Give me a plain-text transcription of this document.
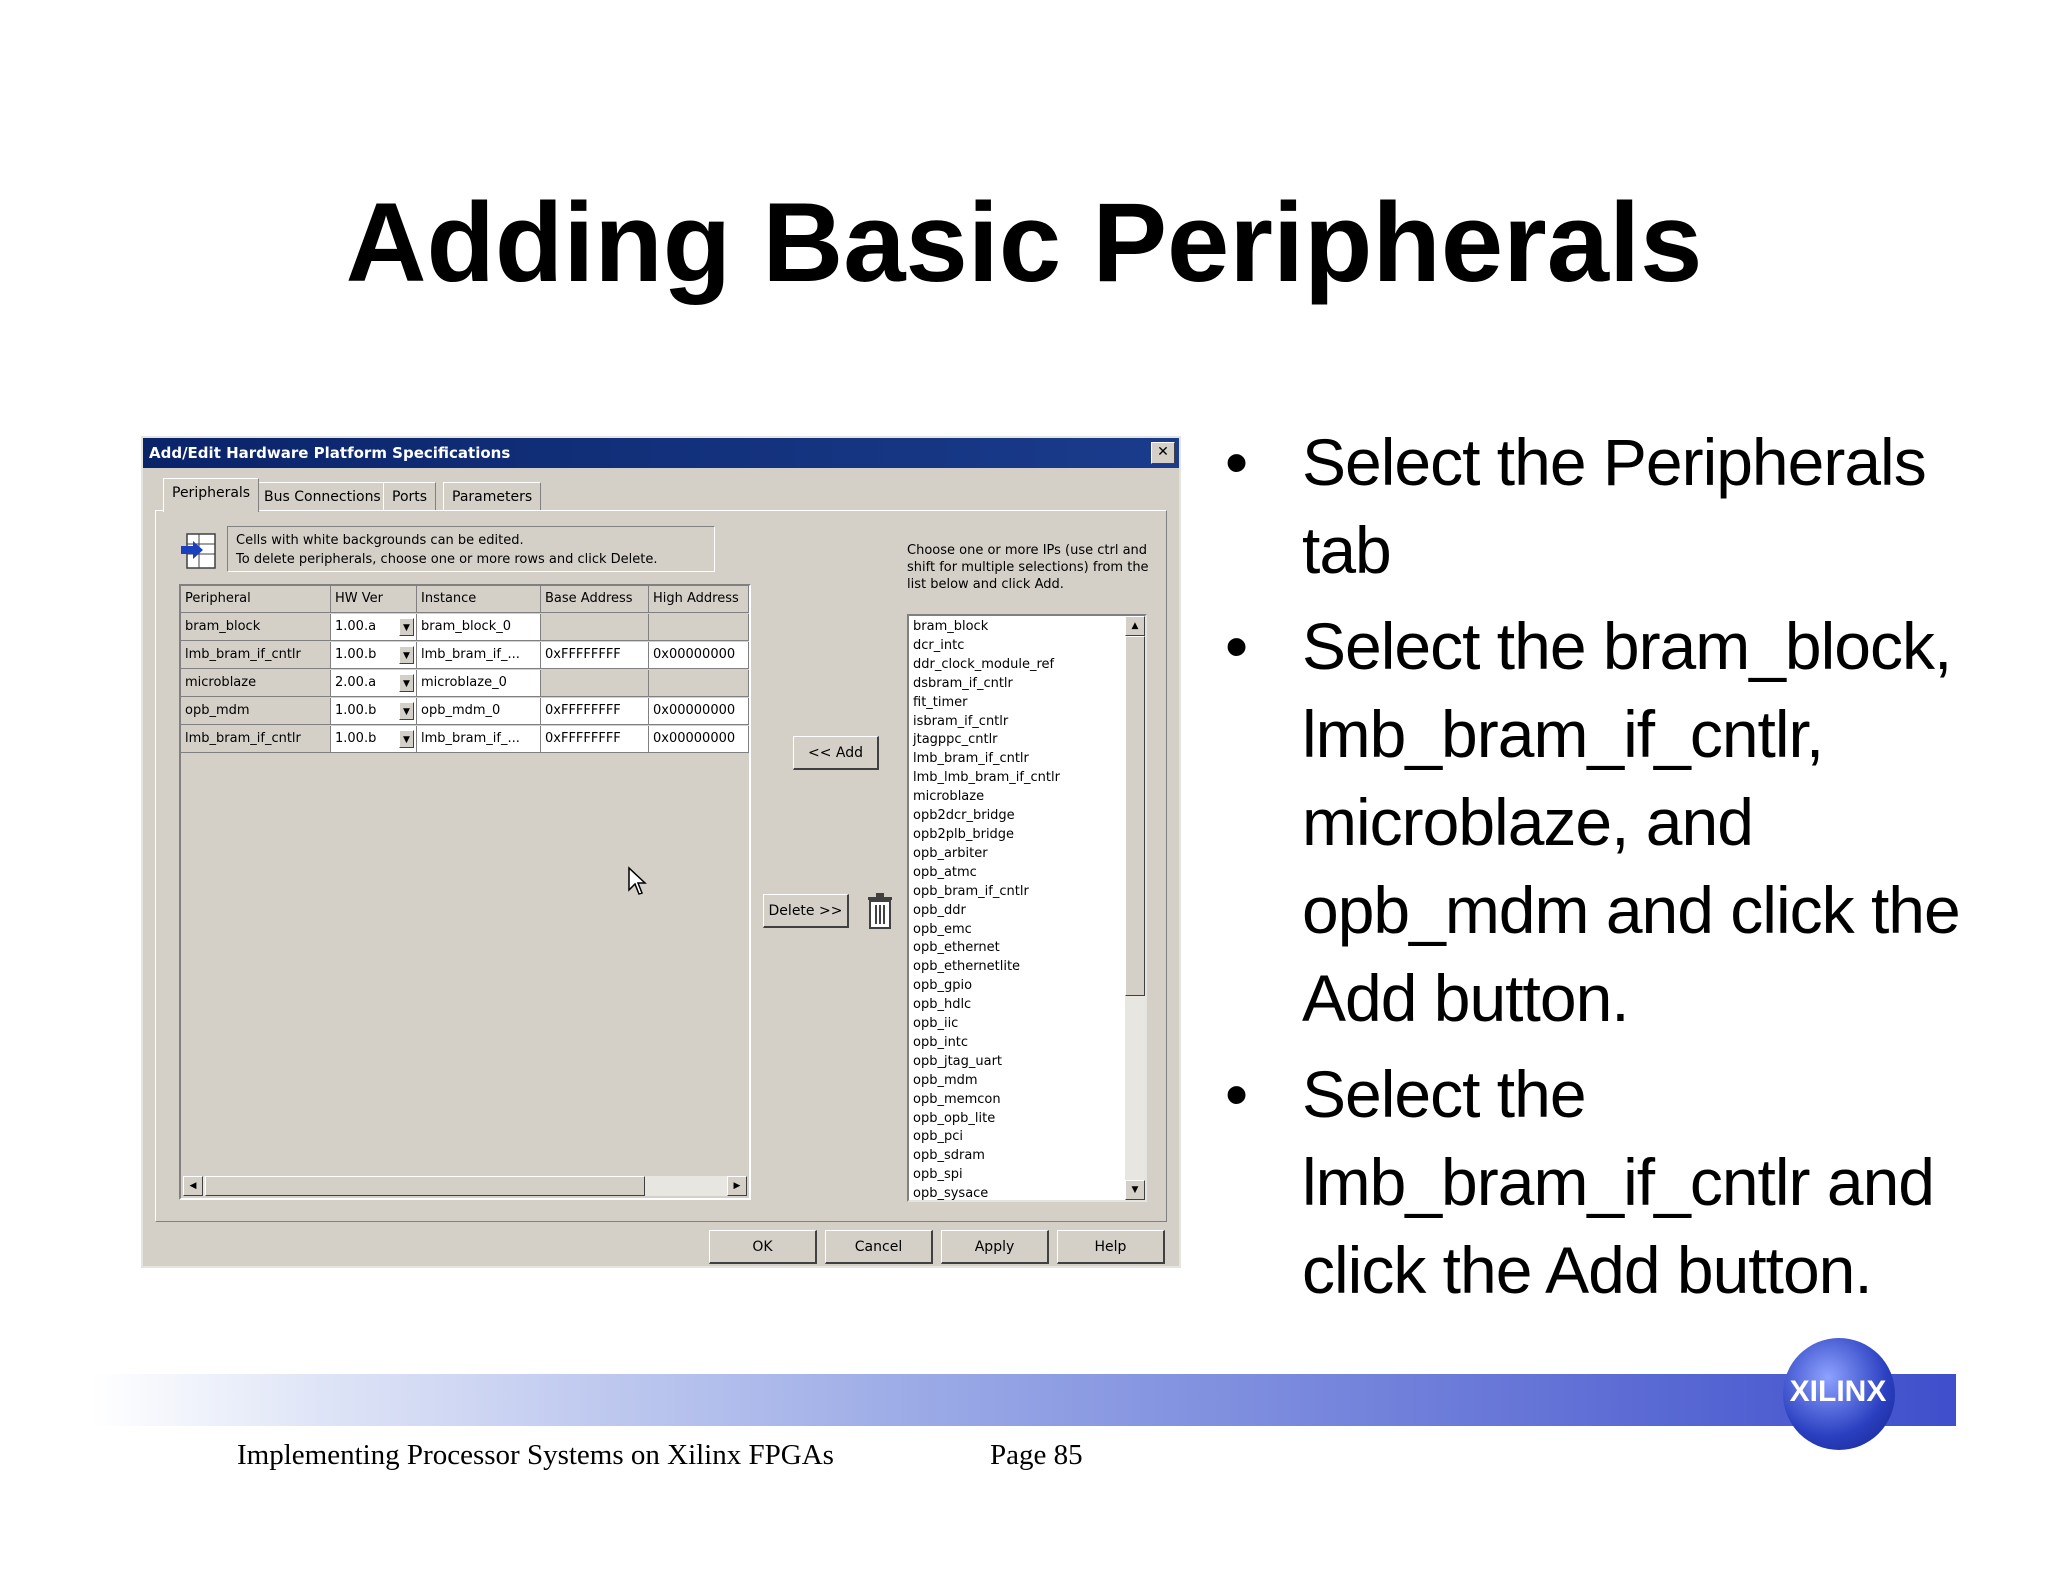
Adding Basic Peripherals
• Select the Peripherals tab
• Select the bram_block, lmb_bram_if_cntlr, microblaze, and opb_mdm and click the Add button.
• Select the lmb_bram_if_cntlr and click the Add button.
Add/Edit Hardware Platform Specifications	✕
Peripherals Bus Connections Ports	Parameters
Cells with white backgrounds can be edited.
To delete peripherals, choose one or more rows and click Delete.
Peripheral	HW Ver	Instance	Base Address	High Address
bram_block	1.00.a	▼ bram_block_0
lmb_bram_if_cntlr	1.00.b	▼ lmb_bram_if_...	0xFFFFFFFF	0x00000000
microblaze	2.00.a	▼ microblaze_0
opb_mdm	1.00.b	▼ opb_mdm_0	0xFFFFFFFF	0x00000000
lmb_bram_if_cntlr	1.00.b	▼ lmb_bram_if_...	0xFFFFFFFF	0x00000000
◀	▶
<< Add
Delete >>
Choose one or more IPs (use ctrl and shift for multiple selections) from the list below and click Add.
bram_block
dcr_intc
ddr_clock_module_ref
dsbram_if_cntlr
fit_timer
isbram_if_cntlr
jtagppc_cntlr
lmb_bram_if_cntlr
lmb_lmb_bram_if_cntlr
microblaze
opb2dcr_bridge
opb2plb_bridge
opb_arbiter
opb_atmc
opb_bram_if_cntlr
opb_ddr
opb_emc
opb_ethernet
opb_ethernetlite
opb_gpio
opb_hdlc
opb_iic
opb_intc
opb_jtag_uart
opb_mdm
opb_memcon
opb_opb_lite
opb_pci
opb_sdram
opb_spi
opb_sysace
▲
▼
OK	Cancel	Apply	Help
XILINX
Implementing Processor Systems on Xilinx FPGAs	Page 85
